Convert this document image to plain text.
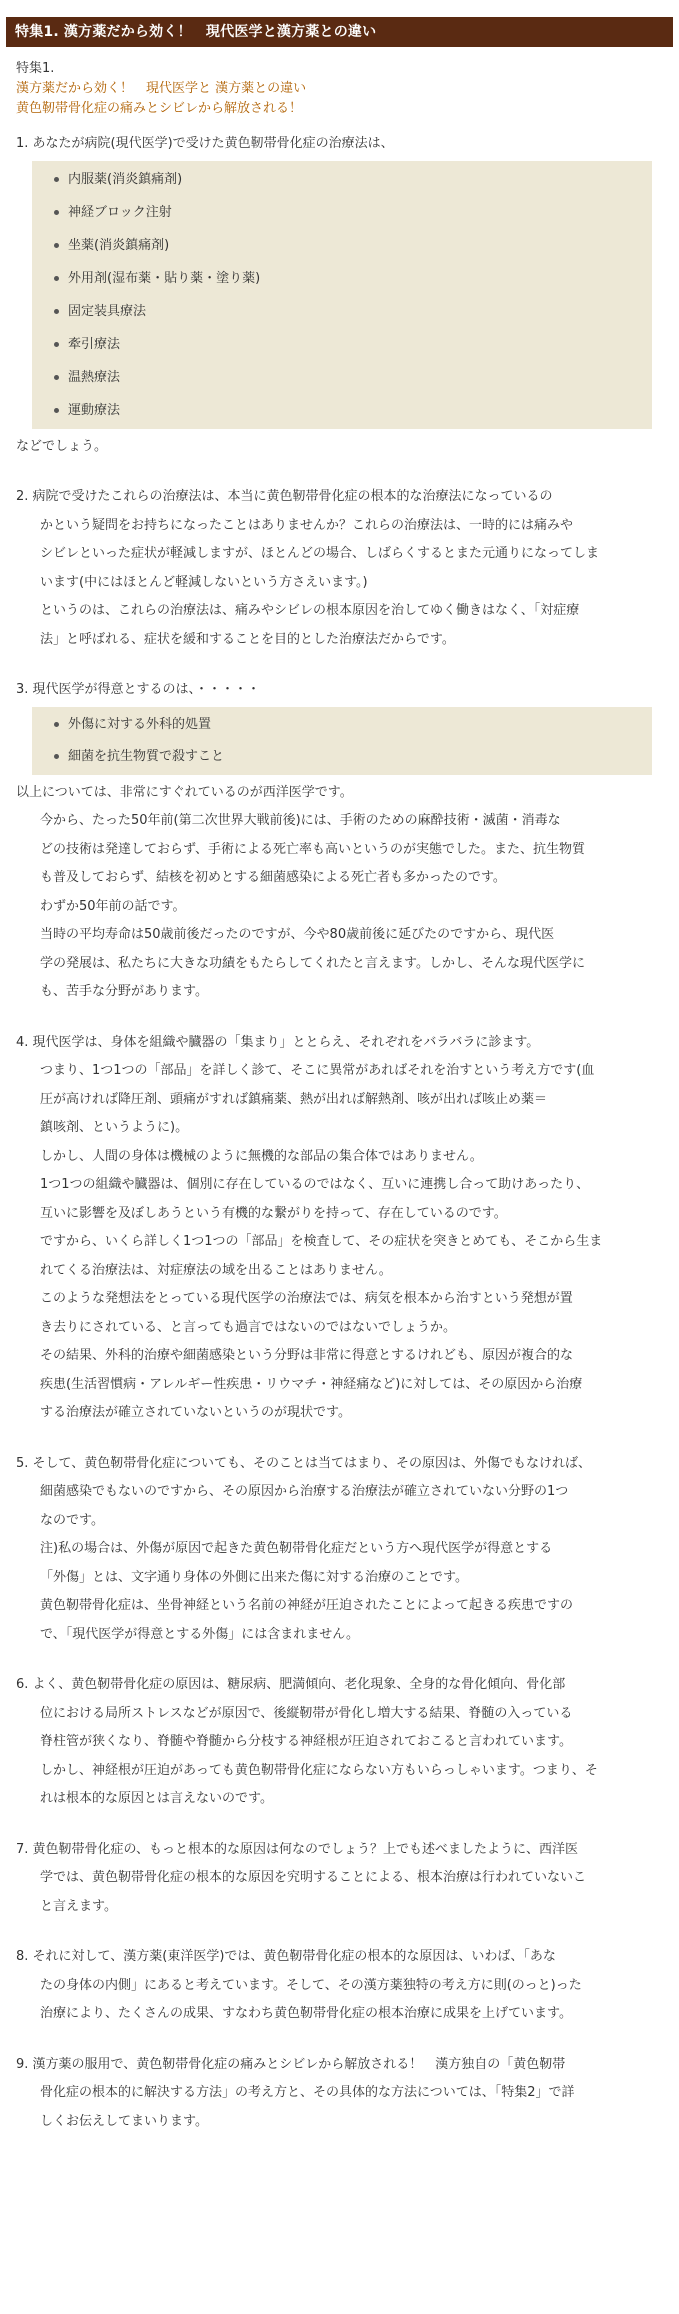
特集1. 漢方薬だから効く！　現代医学と漢方薬との違い
特集1.
漢方薬だから効く！　現代医学と 漢方薬との違い
黄色靭帯骨化症の痛みとシビレから解放される！
1. あなたが病院(現代医学)で受けた黄色靭帯骨化症の治療法は、
内服薬(消炎鎮痛剤)
神経ブロック注射
坐薬(消炎鎮痛剤)
外用剤(湿布薬・貼り薬・塗り薬)
固定装具療法
牽引療法
温熱療法
運動療法
などでしょう。
2. 病院で受けたこれらの治療法は、本当に黄色靭帯骨化症の根本的な治療法になっているの
かという疑問をお持ちになったことはありませんか？これらの治療法は、一時的には痛みや
シビレといった症状が軽減しますが、ほとんどの場合、しばらくするとまた元通りになってしま
います(中にはほとんど軽減しないという方さえいます。)
というのは、これらの治療法は、痛みやシビレの根本原因を治してゆく働きはなく、「対症療
法」と呼ばれる、症状を緩和することを目的とした治療法だからです。
3. 現代医学が得意とするのは、・・・・・
外傷に対する外科的処置
細菌を抗生物質で殺すこと
以上については、非常にすぐれているのが西洋医学です。
今から、たった50年前(第二次世界大戦前後)には、手術のための麻酔技術・滅菌・消毒な
どの技術は発達しておらず、手術による死亡率も高いというのが実態でした。また、抗生物質
も普及しておらず、結核を初めとする細菌感染による死亡者も多かったのです。
わずか50年前の話です。
当時の平均寿命は50歳前後だったのですが、今や80歳前後に延びたのですから、現代医
学の発展は、私たちに大きな功績をもたらしてくれたと言えます。しかし、そんな現代医学に
も、苦手な分野があります。
4. 現代医学は、身体を組織や臓器の「集まり」ととらえ、それぞれをバラバラに診ます。
つまり、1つ1つの「部品」を詳しく診て、そこに異常があればそれを治すという考え方です(血
圧が高ければ降圧剤、頭痛がすれば鎮痛薬、熱が出れば解熱剤、咳が出れば咳止め薬＝
鎮咳剤、というように)。
しかし、人間の身体は機械のように無機的な部品の集合体ではありません。
1つ1つの組織や臓器は、個別に存在しているのではなく、互いに連携し合って助けあったり、
互いに影響を及ぼしあうという有機的な繋がりを持って、存在しているのです。
ですから、いくら詳しく1つ1つの「部品」を検査して、その症状を突きとめても、そこから生ま
れてくる治療法は、対症療法の域を出ることはありません。
このような発想法をとっている現代医学の治療法では、病気を根本から治すという発想が置
き去りにされている、と言っても過言ではないのではないでしょうか。
その結果、外科的治療や細菌感染という分野は非常に得意とするけれども、原因が複合的な
疾患(生活習慣病・アレルギー性疾患・リウマチ・神経痛など)に対しては、その原因から治療
する治療法が確立されていないというのが現状です。
5. そして、黄色靭帯骨化症についても、そのことは当てはまり、その原因は、外傷でもなければ、
細菌感染でもないのですから、その原因から治療する治療法が確立されていない分野の1つ
なのです。
注)私の場合は、外傷が原因で起きた黄色靭帯骨化症だという方へ現代医学が得意とする
「外傷」とは、文字通り身体の外側に出来た傷に対する治療のことです。
黄色靭帯骨化症は、坐骨神経という名前の神経が圧迫されたことによって起きる疾患ですの
で、「現代医学が得意とする外傷」には含まれません。
6. よく、黄色靭帯骨化症の原因は、糖尿病、肥満傾向、老化現象、全身的な骨化傾向、骨化部
位における局所ストレスなどが原因で、後縦靭帯が骨化し増大する結果、脊髄の入っている
脊柱管が狭くなり、脊髄や脊髄から分枝する神経根が圧迫されておこると言われています。
しかし、神経根が圧迫があっても黄色靭帯骨化症にならない方もいらっしゃいます。つまり、そ
れは根本的な原因とは言えないのです。
7. 黄色靭帯骨化症の、もっと根本的な原因は何なのでしょう？上でも述べましたように、西洋医
学では、黄色靭帯骨化症の根本的な原因を究明することによる、根本治療は行われていないこ
と言えます。
8. それに対して、漢方薬(東洋医学)では、黄色靭帯骨化症の根本的な原因は、いわば、「あな
たの身体の内側」にあると考えています。そして、その漢方薬独特の考え方に則(のっと)った
治療により、たくさんの成果、すなわち黄色靭帯骨化症の根本治療に成果を上げています。
9. 漢方薬の服用で、黄色靭帯骨化症の痛みとシビレから解放される！　漢方独自の「黄色靭帯
骨化症の根本的に解決する方法」の考え方と、その具体的な方法については、「特集2」で詳
しくお伝えしてまいります。
